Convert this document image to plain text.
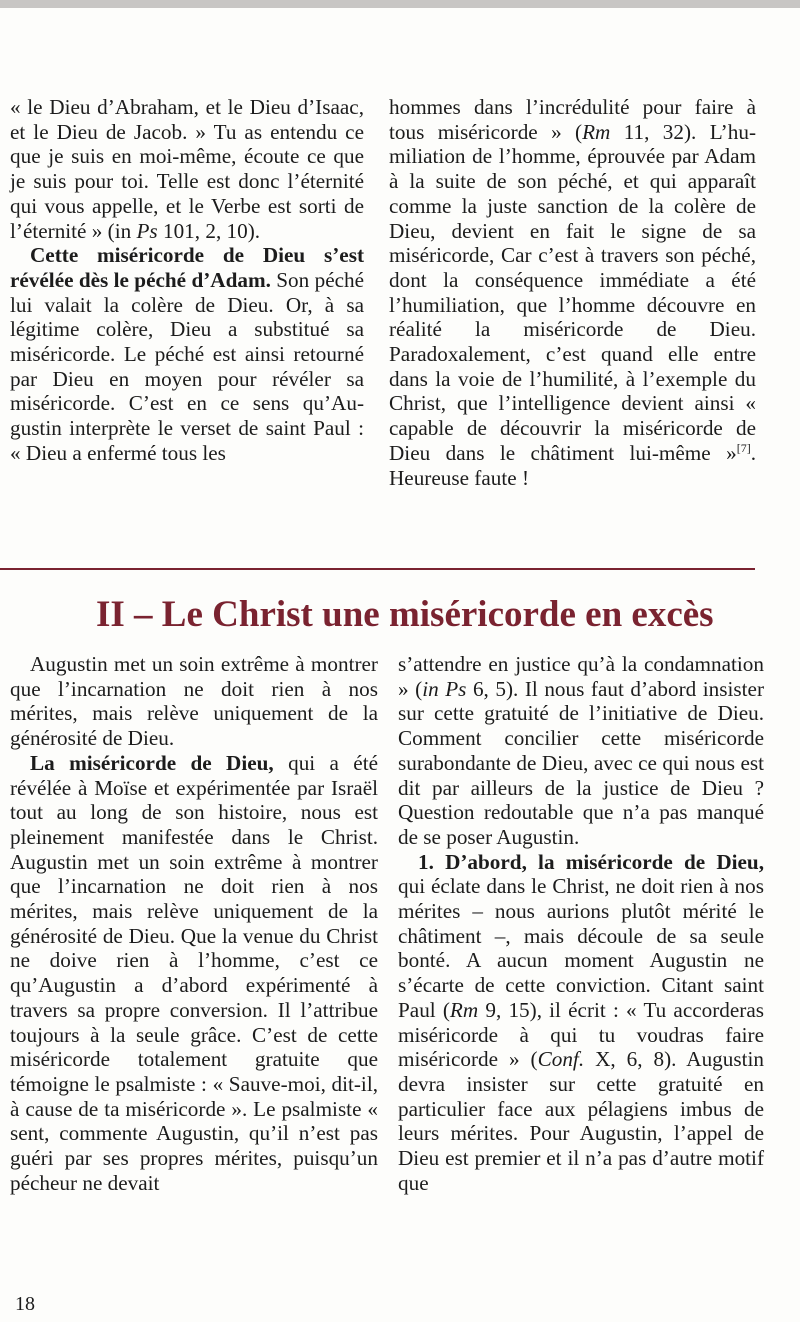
« le Dieu d’Abraham, et le Dieu d’Isaac, et le Dieu de Jacob. » Tu as entendu ce que je suis en moi-même, écoute ce que je suis pour toi. Telle est donc l’éternité qui vous appelle, et le Verbe est sorti de l’éternité » (in Ps 101, 2, 10).

Cette miséricorde de Dieu s’est révélée dès le péché d’Adam. Son péché lui valait la colère de Dieu. Or, à sa légitime colère, Dieu a substitué sa miséricorde. Le péché est ainsi retourné par Dieu en moyen pour révéler sa miséricorde. C’est en ce sens qu’Augustin interprète le verset de saint Paul : « Dieu a enfermé tous les

hommes dans l’incrédulité pour faire à tous miséricorde » (Rm 11, 32). L’humiliation de l’homme, éprouvée par Adam à la suite de son péché, et qui apparaît comme la juste sanction de la colère de Dieu, devient en fait le signe de sa miséricorde, Car c’est à travers son péché, dont la conséquence immédiate a été l’humiliation, que l’homme découvre en réalité la miséricorde de Dieu. Paradoxalement, c’est quand elle entre dans la voie de l’humilité, à l’exemple du Christ, que l’intelligence devient ainsi « capable de découvrir la miséricorde de Dieu dans le châtiment lui-même »[7]. Heureuse faute !

II – Le Christ une miséricorde en excès

Augustin met un soin extrême à montrer que l’incarnation ne doit rien à nos mérites, mais relève uniquement de la générosité de Dieu.

La miséricorde de Dieu, qui a été révélée à Moïse et expérimentée par Israël tout au long de son histoire, nous est pleinement manifestée dans le Christ. Augustin met un soin extrême à montrer que l’incarnation ne doit rien à nos mérites, mais relève uniquement de la générosité de Dieu. Que la venue du Christ ne doive rien à l’homme, c’est ce qu’Augustin a d’abord expérimenté à travers sa propre conversion. Il l’attribue toujours à la seule grâce. C’est de cette miséricorde totalement gratuite que témoigne le psalmiste : « Sauve-moi, dit-il, à cause de ta miséricorde ». Le psalmiste « sent, commente Augustin, qu’il n’est pas guéri par ses propres mérites, puisqu’un pécheur ne devait

s’attendre en justice qu’à la condamnation » (in Ps 6, 5). Il nous faut d’abord insister sur cette gratuité de l’initiative de Dieu. Comment concilier cette miséricorde surabondante de Dieu, avec ce qui nous est dit par ailleurs de la justice de Dieu ? Question redoutable que n’a pas manqué de se poser Augustin.

1. D’abord, la miséricorde de Dieu, qui éclate dans le Christ, ne doit rien à nos mérites – nous aurions plutôt mérité le châtiment –, mais découle de sa seule bonté. A aucun moment Augustin ne s’écarte de cette conviction. Citant saint Paul (Rm 9, 15), il écrit : « Tu accorderas miséricorde à qui tu voudras faire miséricorde » (Conf. X, 6, 8). Augustin devra insister sur cette gratuité en particulier face aux pélagiens imbus de leurs mérites. Pour Augustin, l’appel de Dieu est premier et il n’a pas d’autre motif que

18
